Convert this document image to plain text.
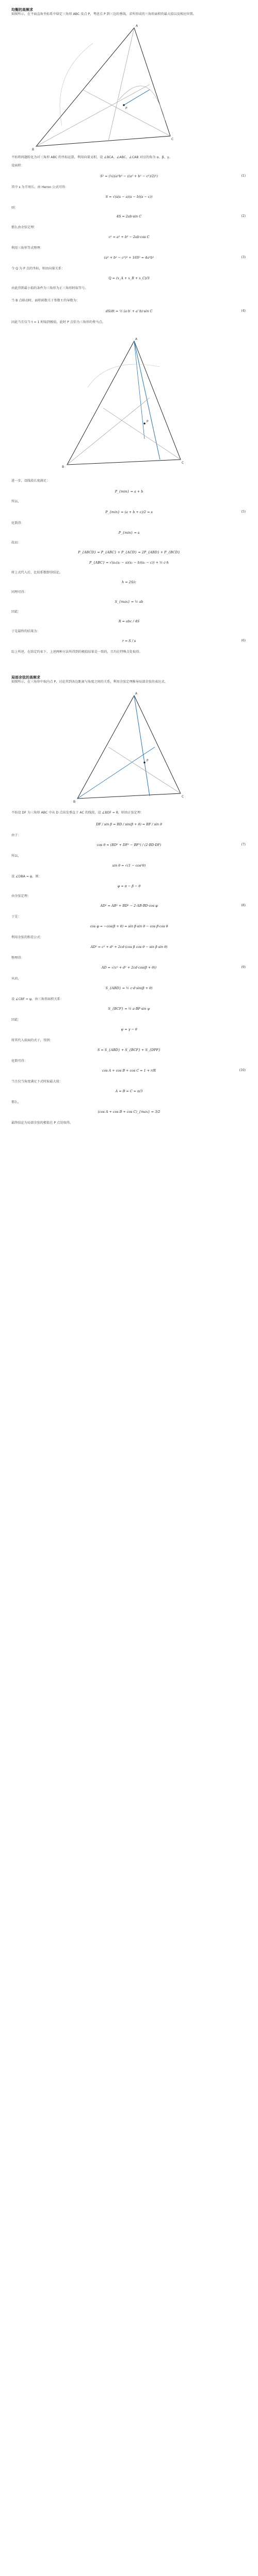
均衡的高频求
如图所示，在平面直角坐标系中给定三角形 ABC 及点 P，考虑点 P 到三边的垂线，求所形成的三角形面积的最大值以及相应位置。
A
B
C
P
不妨将问题转化为对三角形 ABC 的坐标运算，利用向量叉积，设 ∠BCA、∠ABC、∠CAB 对应的角为 α、β、γ。
设面积：
S² = (¼)(a²b² − ((a² + b² − c²)/2)²)	(1)
其中 s 为半周长，由 Heron 公式可得：
S = √(s(s − a)(s − b)(s − c))
则：
4S = 2ab·sin C	(2)
那么由余弦定理：
c² = a² + b² − 2ab·cos C
利用三角恒等式整理：
(a² + b² − c²)² + 16S² = 4a²b²	(3)
令 Q 为 P 点的坐标，则由向量关系：
Q = (x_A + x_B + x_C)/3
由此得到最小值的条件为三角形为正三角形时取等号。
当 B 点移动时，面积函数关于参数 t 的导数为：
dS/dt = ½ (a·b′ + a′·b)·sin C	(4)
因此当且仅当 t = 1 时取到极值，此时 P 点恰为三角形的费马点。
A
B
C
P
进一步，设线段长度满足：
P_{min} = a + b
所以，
P_{min} = (a + b + c)/2 = s	(5)
化简得：
P_{min} = s
故而：
P_{ABCD} = P_{ABC} + P_{ACD} = 2P_{ABD} + P_{BCD}
P_{ABC} = √(s₁(s₁ − a)(s₁ − b)(s₁ − c)) + ½ c·h
将上式代入后，比较系数即得结论。
h = 2S/c
同理可得：
S_{max} = ½ ab
因此：
R = abc / 4S
于是最终的结果为：
r = S / s	(6)
综上所述，在给定约束下，上述两种方法所得到的极值结果是一致的，且均在特殊点处取得。
局部余弦的高频求
如图所示，在三角形中取内点 P，讨论其到各边距离与角度之间的关系，利用余弦定理推导局部余弦的表达式。
A
B
C
P
不妨设 DF 为三角形 ABC 中从 D 点出发垂直于 AC 的线段，设 ∠BDF = θ，则由正弦定理：
DF / sin β = BD / sin(β + θ) = BF / sin θ
由于：
cos θ = (BD² + DF² − BF²) / (2·BD·DF)	(7)
所以，
sin θ = √(1 − cos²θ)
设 ∠DBA = φ，则：
φ = π − β − θ
由余弦定理：
AD² = AB² + BD² − 2·AB·BD·cos φ	(8)
于是：
cos φ = −cos(β + θ) = sin β·sin θ − cos β·cos θ
利用余弦的和差公式：
AD² = c² + d² + 2cd·(cos β cos θ − sin β sin θ)
整理得：
AD = √(c² + d² + 2cd·cos(β + θ))	(9)
从而，
S_{ABD} = ½ c·d·sin(β + θ)
设 ∠CBF = ψ，由三角形面积关系：
S_{BCF} = ½ a·BF·sin ψ
因此：
ψ = γ − θ
将其代入前面的式子，得到：
S = S_{ABD} + S_{BCF} + S_{DPF}
化简可得：
cos A + cos B + cos C = 1 + r/R	(10)
当且仅当角度满足下式时取最大值：
A = B = C = π/3
那么，
(cos A + cos B + cos C)_{max} = 3/2
最终结论为局部余弦的极值在 P 点处取得。
